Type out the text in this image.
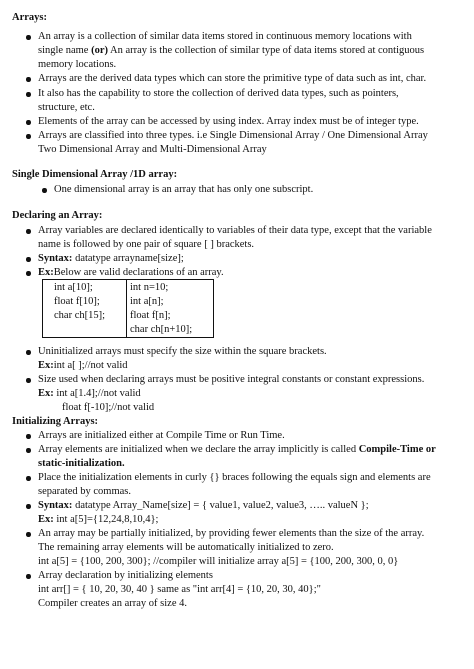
Arrays:
An array is a collection of similar data items stored in continuous memory locations with
single name (or) An array is the collection of similar type of data items stored at contiguous
memory locations.
Arrays are the derived data types which can store the primitive type of data such as int, char.
It also has the capability to store the collection of derived data types, such as pointers,
structure, etc.
Elements of the array can be accessed by using index. Array index must be of integer type.
Arrays are classified into three types. i.e Single Dimensional Array / One Dimensional Array
Two Dimensional Array and Multi-Dimensional Array
Single Dimensional Array /1D array:
One dimensional array is an array that has only one subscript.
Declaring an Array:
Array variables are declared identically to variables of their data type, except that the variable
name is followed by one pair of square [ ] brackets.
Syntax: datatype arrayname[size];
Ex:Below are valid declarations of an array.
int a[10];
float f[10];
char ch[15];
int n=10;
int a[n];
float f[n];
char ch[n+10];
Uninitialized arrays must specify the size within the square brackets.
Ex:int a[ ];//not valid
Size used when declaring arrays must be positive integral constants or constant expressions.
Ex: int a[1.4];//not valid
float f[-10];//not valid
Initializing Arrays:
Arrays are initialized either at Compile Time or Run Time.
Array elements are initialized when we declare the array implicitly is called Compile-Time or
static-initialization.
Place the initialization elements in curly {} braces following the equals sign and elements are
separated by commas.
Syntax: datatype Array_Name[size] = { value1, value2, value3, ….. valueN };
Ex: int a[5]={12,24,8,10,4};
An array may be partially initialized, by providing fewer elements than the size of the array.
The remaining array elements will be automatically initialized to zero.
int a[5] = {100, 200, 300}; //compiler will initialize array a[5] = {100, 200, 300, 0, 0}
Array declaration by initializing elements
int arr[] = { 10, 20, 30, 40 } same as "int arr[4] = {10, 20, 30, 40};"
Compiler creates an array of size 4.
